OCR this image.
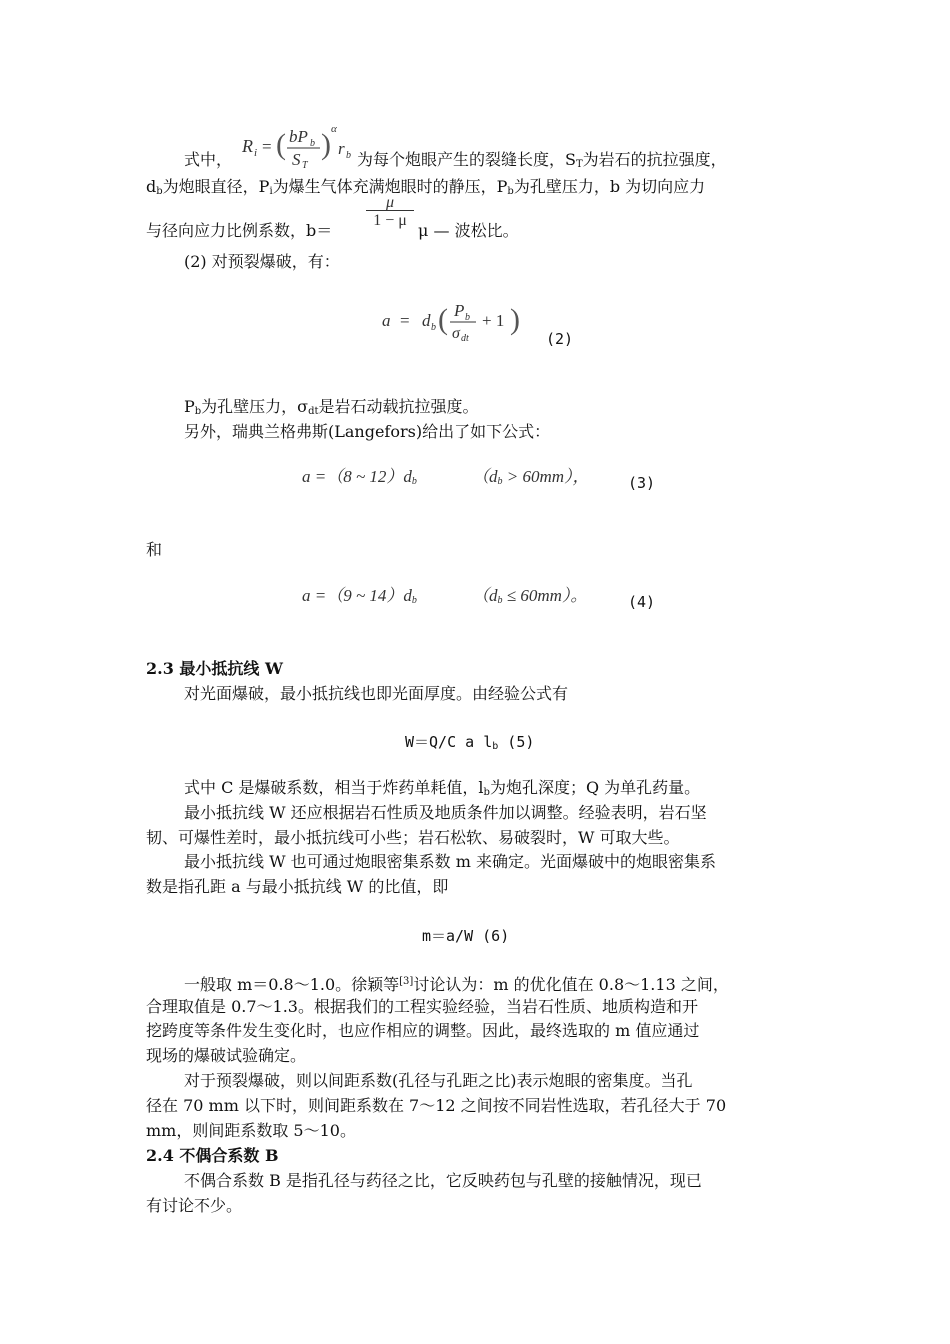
式中，
R i = ( bP b
S T
) α
r b 为每个炮眼产生的裂缝长度，$S_T$为岩石的抗拉强度，
$d_b$为炮眼直径，$P_i$为爆生气体充满炮眼时的静压，$P_b$为孔壁压力，b 为切向应力
与径向应力比例系数，$b= \frac{\mu}{1 - \mu}$ μ — 波松比。
(2) 对预裂爆破，有：
a = d b ( P b
σ dt
+ 1 )
(2)
$P_b$为孔壁压力，$\sigma_{dt}$是岩石动载抗拉强度。
另外，瑞典兰格弗斯(Langefors)给出了如下公式：
a =（8 ~ $12)d_b$	$(d_b > 60mm)$，	(3)
和
a =（9 ~ $14)d_b$	$(d_b \le 60mm)$。	(4)
2.3 最小抵抗线 W
对光面爆破，最小抵抗线也即光面厚度。由经验公式有
W＝Q/C a $l_b$ (5)
式中 C 是爆破系数，相当于炸药单耗值，$l_b$为炮孔深度；Q 为单孔药量。
最小抵抗线 W 还应根据岩石性质及地质条件加以调整。经验表明，岩石坚
韧、可爆性差时，最小抵抗线可小些；岩石松软、易破裂时，W 可取大些。
最小抵抗线 W 也可通过炮眼密集系数 m 来确定。光面爆破中的炮眼密集系
数是指孔距 a 与最小抵抗线 W 的比值，即
m＝a/W (6)
一般取 m＝0.8～1.0。徐颖等[3]讨论认为：m 的优化值在 0.8～1.13 之间，
合理取值是 0.7～1.3。根据我们的工程实验经验，当岩石性质、地质构造和开
挖跨度等条件发生变化时，也应作相应的调整。因此，最终选取的 m 值应通过
现场的爆破试验确定。
对于预裂爆破，则以间距系数(孔径与孔距之比)表示炮眼的密集度。当孔
径在 70 mm 以下时，则间距系数在 7～12 之间按不同岩性选取，若孔径大于 70
mm，则间距系数取 5～10。
2.4 不偶合系数 B
不偶合系数 B 是指孔径与药径之比，它反映药包与孔壁的接触情况，现已
有讨论不少。
